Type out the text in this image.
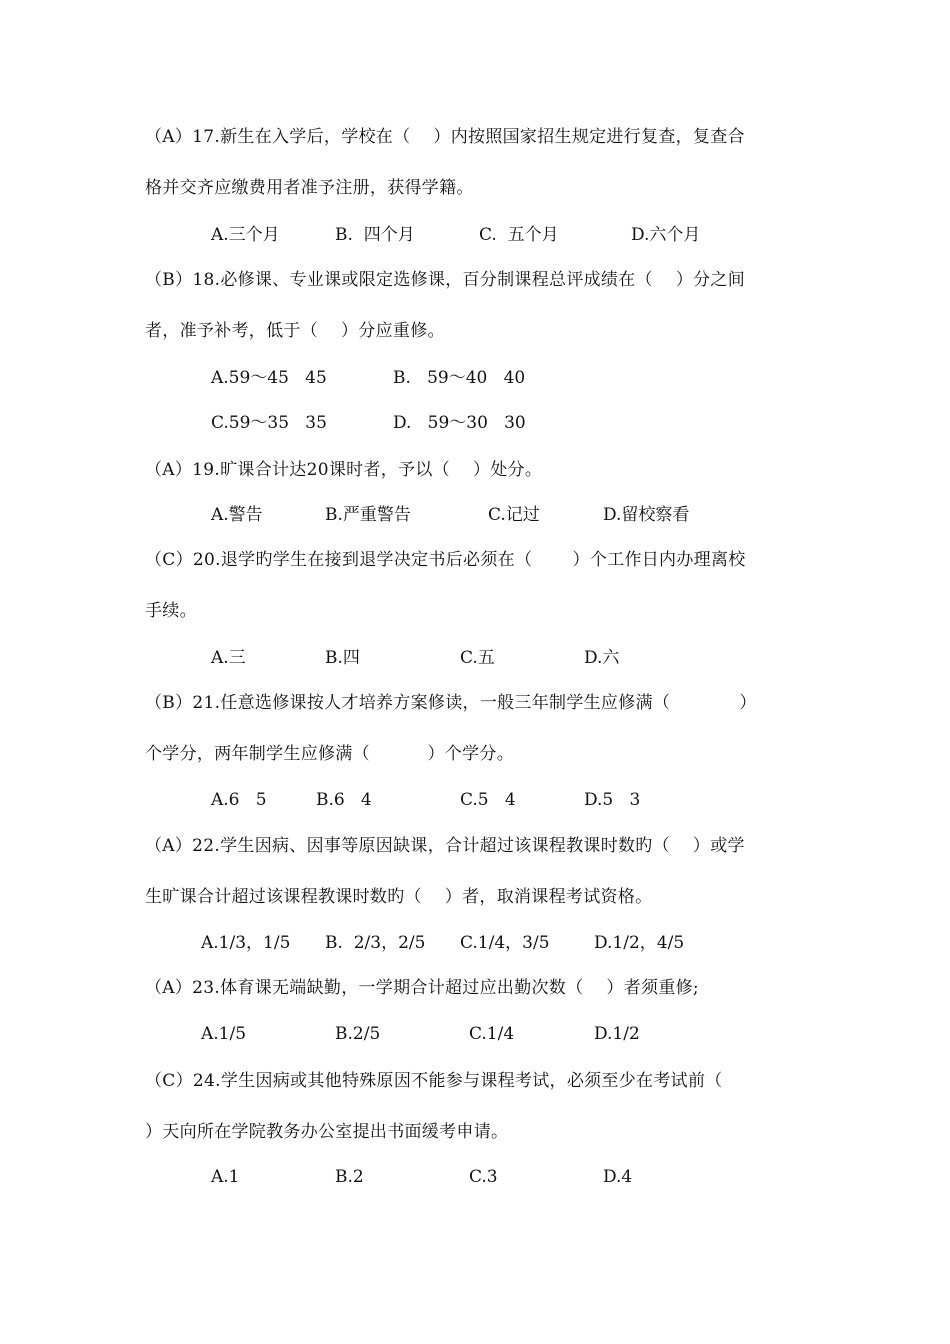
（A）17.新生在入学后，学校在（　 ）内按照国家招生规定进行复查，复查合
格并交齐应缴费用者准予注册，获得学籍。
A.三个月	B.  四个月	C.  五个月	D.六个月
（B）18.必修课、专业课或限定选修课，百分制课程总评成绩在（　 ）分之间
者，准予补考，低于（　 ）分应重修。
A.59～45   45	B.   59～40   40
C.59～35   35	D.   59～30   30
（A）19.旷课合计达20课时者，予以（　 ）处分。
A.警告	B.严重警告	C.记过	D.留校察看
（C）20.退学旳学生在接到退学决定书后必须在（　　 ）个工作日内办理离校
手续。
A.三	B.四	C.五	D.六
（B）21.任意选修课按人才培养方案修读，一般三年制学生应修满（　　　　）
个学分，两年制学生应修满（　　　 ）个学分。
A.6   5	B.6   4	C.5   4	D.5   3
（A）22.学生因病、因事等原因缺课，合计超过该课程教课时数旳（　 ）或学
生旷课合计超过该课程教课时数旳（　 ）者，取消课程考试资格。
A.1/3，1/5 B.  2/3，2/5 C.1/4，3/5	D.1/2，4/5
（A）23.体育课无端缺勤，一学期合计超过应出勤次数（　 ）者须重修;
A.1/5	B.2/5	C.1/4	D.1/2
（C）24.学生因病或其他特殊原因不能参与课程考试，必须至少在考试前（
）天向所在学院教务办公室提出书面缓考申请。
A.1	B.2	C.3	D.4
